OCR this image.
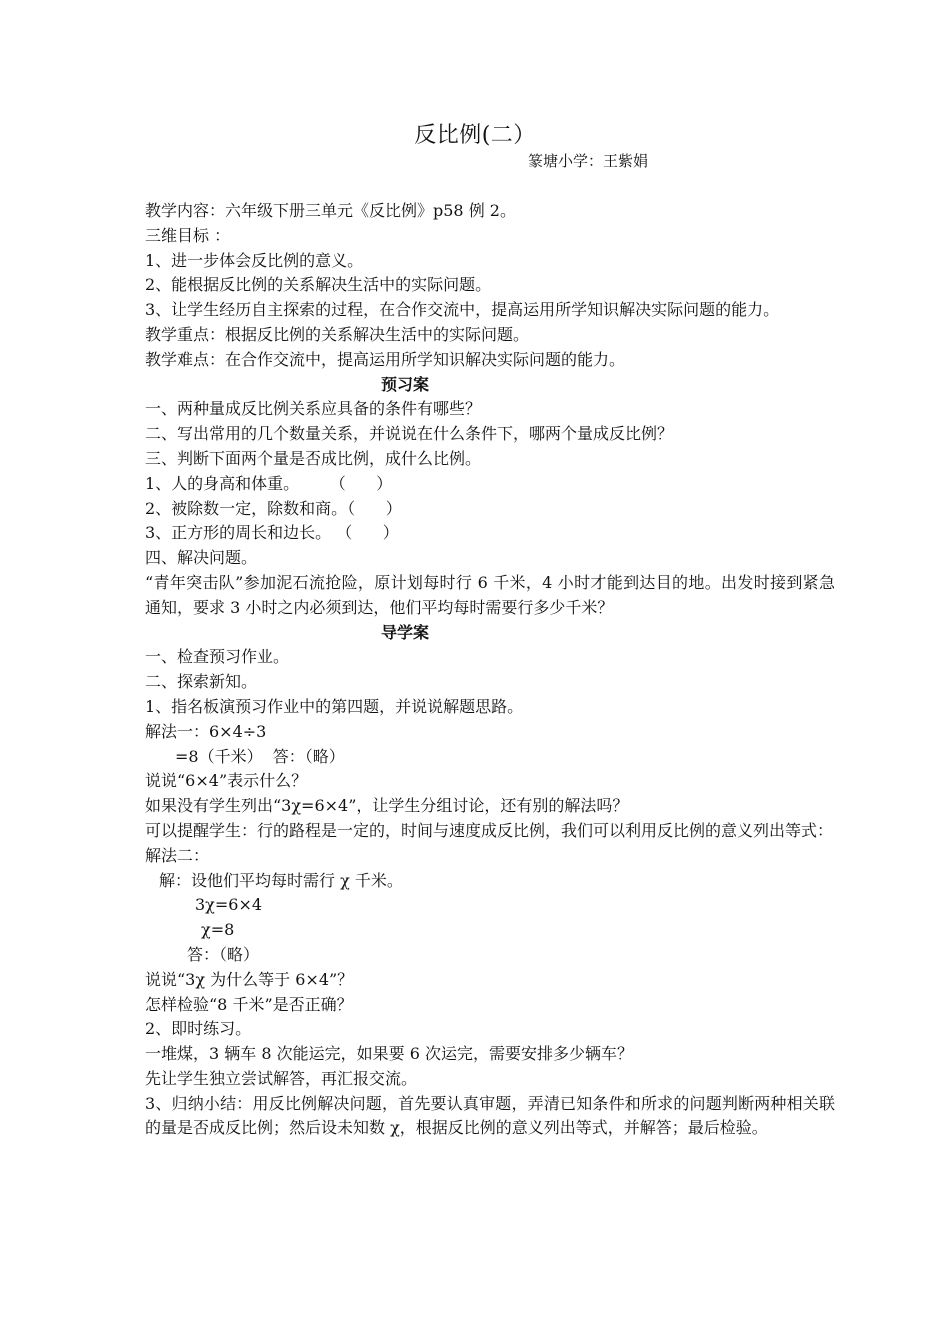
反比例(二）
篆塘小学：王紫娟
教学内容：六年级下册三单元《反比例》p58 例 2。
三维目标 ：
1、进一步体会反比例的意义。
2、能根据反比例的关系解决生活中的实际问题。
3、让学生经历自主探索的过程，在合作交流中，提高运用所学知识解决实际问题的能力。
教学重点：根据反比例的关系解决生活中的实际问题。
教学难点：在合作交流中，提高运用所学知识解决实际问题的能力。
预习案
一、两种量成反比例关系应具备的条件有哪些？
二、写出常用的几个数量关系，并说说在什么条件下，哪两个量成反比例？
三、判断下面两个量是否成比例，成什么比例。
1、人的身高和体重。      （      ）
2、被除数一定，除数和商。（      ）
3、正方形的周长和边长。 （      ）
四、解决问题。
“青年突击队”参加泥石流抢险，原计划每时行 6 千米，4 小时才能到达目的地。出发时接到紧急通知，要求 3 小时之内必须到达，他们平均每时需要行多少千米？
导学案
一、检查预习作业。
二、探索新知。
1、指名板演预习作业中的第四题，并说说解题思路。
解法一：6×4÷3
=8（千米）  答：（略）
说说“6×4”表示什么？
如果没有学生列出“3χ=6×4”，让学生分组讨论，还有别的解法吗？
可以提醒学生：行的路程是一定的，时间与速度成反比例，我们可以利用反比例的意义列出等式：
解法二：
解：设他们平均每时需行 χ 千米。
3χ=6×4
χ=8
答：（略）
说说“3χ 为什么等于 6×4”？
怎样检验“8 千米”是否正确？
2、即时练习。
一堆煤，3 辆车 8 次能运完，如果要 6 次运完，需要安排多少辆车？
先让学生独立尝试解答，再汇报交流。
3、归纳小结：用反比例解决问题，首先要认真审题，弄清已知条件和所求的问题判断两种相关联的量是否成反比例；然后设未知数 χ，根据反比例的意义列出等式，并解答；最后检验。
